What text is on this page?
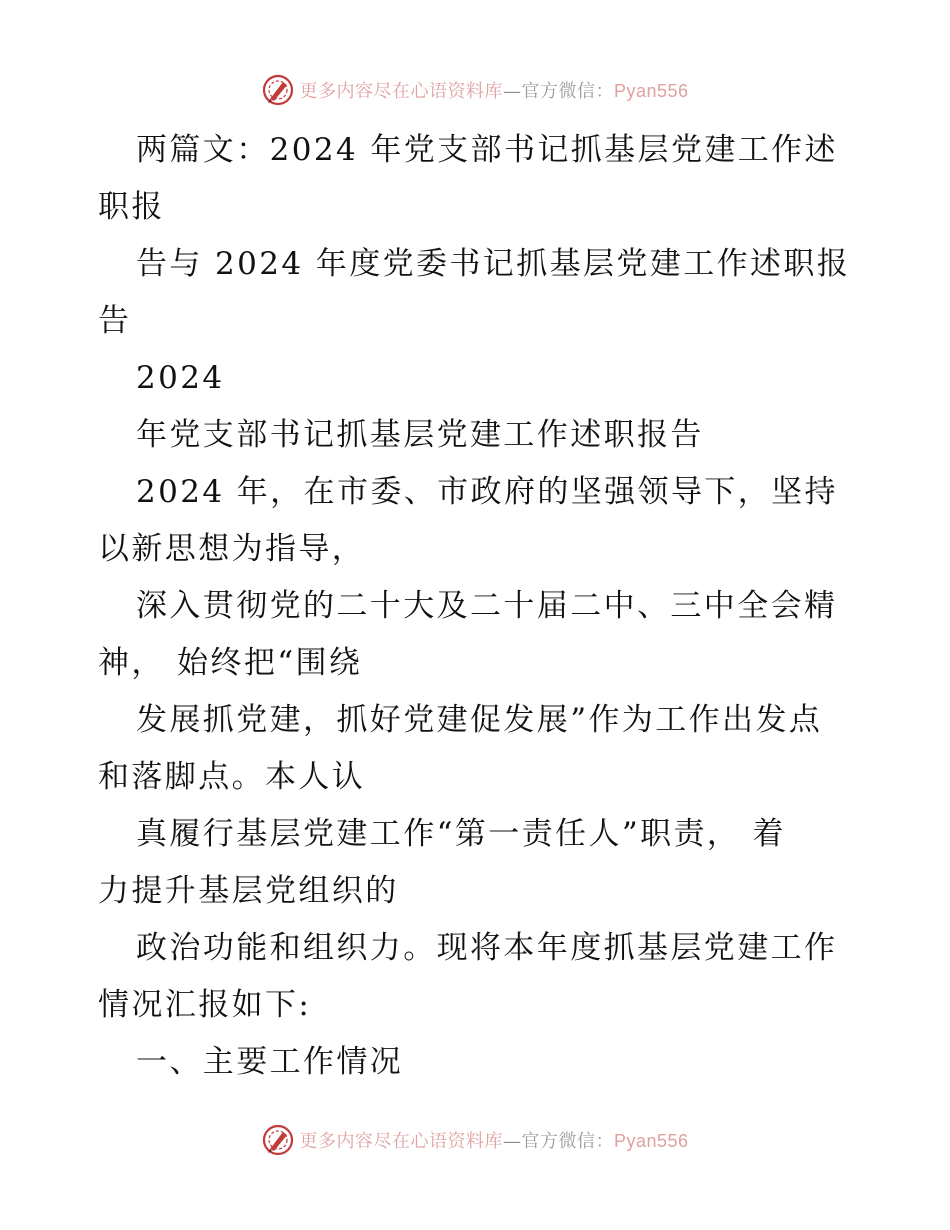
更多内容尽在心语资料库—官方微信：Pyan556
两篇文：2024 年党支部书记抓基层党建工作述
职报
告与 2024 年度党委书记抓基层党建工作述职报
告
2024
年党支部书记抓基层党建工作述职报告
2024 年，在市委、市政府的坚强领导下，坚持
以新思想为指导，
深入贯彻党的二十大及二十届二中、三中全会精
神， 始终把“围绕
发展抓党建，抓好党建促发展”作为工作出发点
和落脚点。本人认
真履行基层党建工作“第一责任人”职责， 着
力提升基层党组织的
政治功能和组织力。现将本年度抓基层党建工作
情况汇报如下:
一、主要工作情况
更多内容尽在心语资料库—官方微信：Pyan556
